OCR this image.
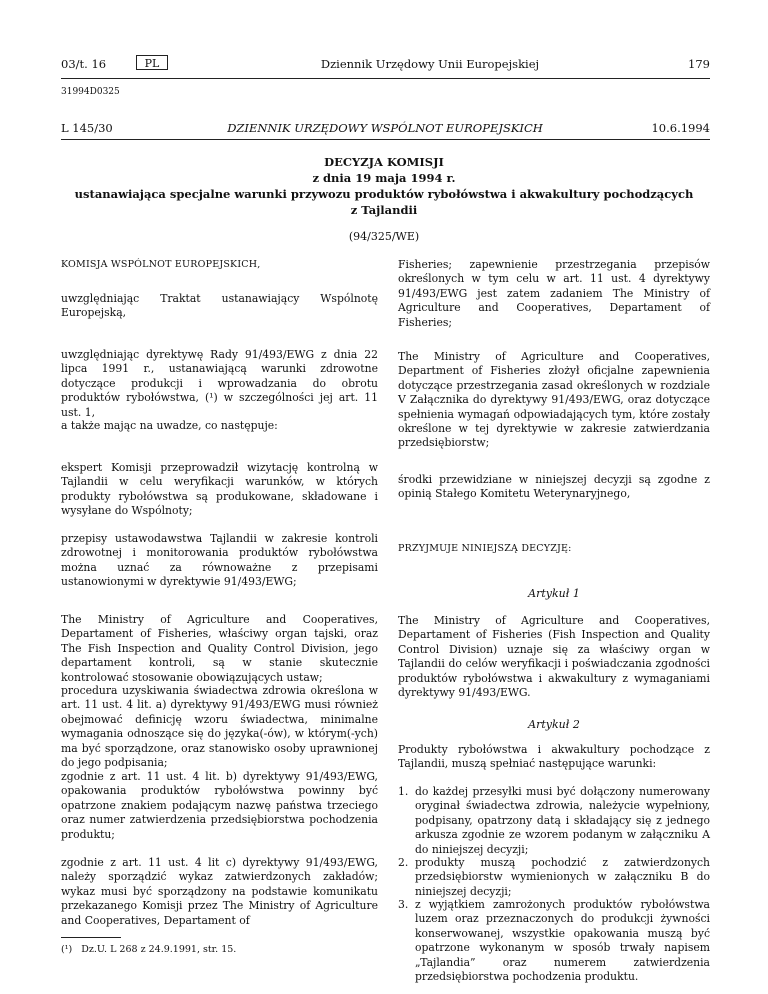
03/t. 16	PL	Dziennik Urzędowy Unii Europejskiej	179
31994D0325
L 145/30	DZIENNIK URZĘDOWY WSPÓLNOT EUROPEJSKICH	10.6.1994
DECYZJA KOMISJI
z dnia 19 maja 1994 r.
ustanawiająca specjalne warunki przywozu produktów rybołówstwa i akwakultury pochodzących
z Tajlandii
(94/325/WE)
KOMISJA WSPÓLNOT EUROPEJSKICH,
uwzględniając Traktat ustanawiający Wspólnotę Europejską,
uwzględniając dyrektywę Rady 91/493/EWG z dnia 22 lipca 1991 r., ustanawiającą warunki zdrowotne dotyczące produkcji i wprowadzania do obrotu produktów rybołówstwa, (¹) w szczególności jej art. 11 ust. 1,
a także mając na uwadze, co następuje:
ekspert Komisji przeprowadził wizytację kontrolną w Tajlandii w celu weryfikacji warunków, w których produkty rybołówstwa są produkowane, składowane i wysyłane do Wspólnoty;
przepisy ustawodawstwa Tajlandii w zakresie kontroli zdrowotnej i monitorowania produktów rybołówstwa można uznać za równoważne z przepisami ustanowionymi w dyrektywie 91/493/EWG;
The Ministry of Agriculture and Cooperatives, Departament of Fisheries, właściwy organ tajski, oraz The Fish Inspection and Quality Control Division, jego departament kontroli, są w stanie skutecznie kontrolować stosowanie obowiązujących ustaw;
procedura uzyskiwania świadectwa zdrowia określona w art. 11 ust. 4 lit. a) dyrektywy 91/493/EWG musi również obejmować definicję wzoru świadectwa, minimalne wymagania odnoszące się do języka(-ów), w którym(-ych) ma być sporządzone, oraz stanowisko osoby uprawnionej do jego podpisania;
zgodnie z art. 11 ust. 4 lit. b) dyrektywy 91/493/EWG, opakowania produktów rybołówstwa powinny być opatrzone znakiem podającym nazwę państwa trzeciego oraz numer zatwierdzenia przedsiębiorstwa pochodzenia produktu;
zgodnie z art. 11 ust. 4 lit c) dyrektywy 91/493/EWG, należy sporządzić wykaz zatwierdzonych zakładów; wykaz musi być sporządzony na podstawie komunikatu przekazanego Komisji przez The Ministry of Agriculture and Cooperatives, Departament of
(¹)   Dz.U. L 268 z 24.9.1991, str. 15.
Fisheries; zapewnienie przestrzegania przepisów określonych w tym celu w art. 11 ust. 4 dyrektywy 91/493/EWG jest zatem zadaniem The Ministry of Agriculture and Cooperatives, Departament of Fisheries;
The Ministry of Agriculture and Cooperatives, Department of Fisheries złożył oficjalne zapewnienia dotyczące przestrzegania zasad określonych w rozdziale V Załącznika do dyrektywy 91/493/EWG, oraz dotyczące spełnienia wymagań odpowiadających tym, które zostały określone w tej dyrektywie w zakresie zatwierdzania przedsiębiorstw;
środki przewidziane w niniejszej decyzji są zgodne z opinią Stałego Komitetu Weterynaryjnego,
PRZYJMUJE NINIEJSZĄ DECYZJĘ:
Artykuł 1
The Ministry of Agriculture and Cooperatives, Departament of Fisheries (Fish Inspection and Quality Control Division) uznaje się za właściwy organ w Tajlandii do celów weryfikacji i poświadczania zgodności produktów rybołówstwa i akwakultury z wymaganiami dyrektywy 91/493/EWG.
Artykuł 2
Produkty rybołówstwa i akwakultury pochodzące z Tajlandii, muszą spełniać następujące warunki:
1. do każdej przesyłki musi być dołączony numerowany oryginał świadectwa zdrowia, należycie wypełniony, podpisany, opatrzony datą i składający się z jednego arkusza zgodnie ze wzorem podanym w załączniku A do niniejszej decyzji;
2. produkty muszą pochodzić z zatwierdzonych przedsiębiorstw wymienionych w załączniku B do niniejszej decyzji;
3. z wyjątkiem zamrożonych produktów rybołówstwa luzem oraz przeznaczonych do produkcji żywności konserwowanej, wszystkie opakowania muszą być opatrzone wykonanym w sposób trwały napisem „Tajlandia” oraz numerem zatwierdzenia przedsiębiorstwa pochodzenia produktu.
